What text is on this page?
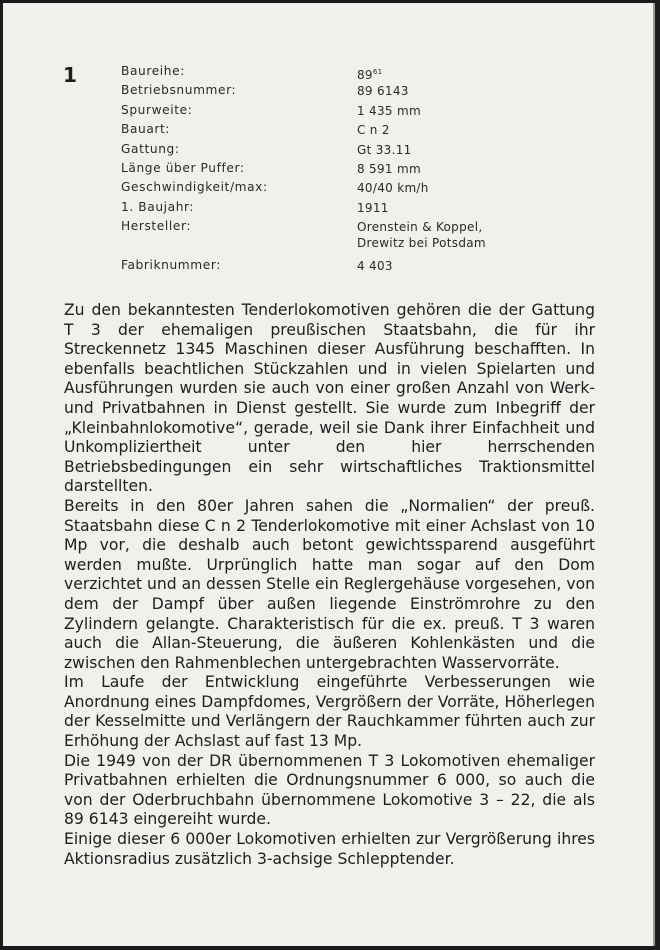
1	Baureihe:	$89^{61}$
Betriebsnummer:	89 6143
Spurweite:	1 435 mm
Bauart:	C n 2
Gattung:	Gt 33.11
Länge über Puffer:	8 591 mm
Geschwindigkeit/max:	40/40 km/h
1. Baujahr:	1911
Hersteller:	Orenstein & Koppel,
Drewitz bei Potsdam
Fabriknummer:	4 403

Zu den bekanntesten Tenderlokomotiven gehören die der Gattung T 3 der ehemaligen preußischen Staatsbahn, die für ihr Streckennetz 1345 Maschinen dieser Ausführung beschafften. In ebenfalls beachtlichen Stückzahlen und in vielen Spielarten und Ausführungen wurden sie auch von einer großen Anzahl von Werk- und Privatbahnen in Dienst gestellt. Sie wurde zum Inbegriff der „Kleinbahnlokomotive“, gerade, weil sie Dank ihrer Einfachheit und Unkompliziertheit unter den hier herrschenden Betriebsbedingungen ein sehr wirtschaftliches Traktionsmittel darstellten.

Bereits in den 80er Jahren sahen die „Normalien“ der preuß. Staatsbahn diese C n 2 Tenderlokomotive mit einer Achslast von 10 Mp vor, die deshalb auch betont gewichtssparend ausgeführt werden mußte. Urprünglich hatte man sogar auf den Dom verzichtet und an dessen Stelle ein Reglergehäuse vorgesehen, von dem der Dampf über außen liegende Einströmrohre zu den Zylindern gelangte. Charakteristisch für die ex. preuß. T 3 waren auch die Allan-Steuerung, die äußeren Kohlenkästen und die zwischen den Rahmenblechen untergebrachten Wasservorräte.

Im Laufe der Entwicklung eingeführte Verbesserungen wie Anordnung eines Dampfdomes, Vergrößern der Vorräte, Höherlegen der Kesselmitte und Verlängern der Rauchkammer führten auch zur Erhöhung der Achslast auf fast 13 Mp.

Die 1949 von der DR übernommenen T 3 Lokomotiven ehemaliger Privatbahnen erhielten die Ordnungsnummer 6 000, so auch die von der Oderbruchbahn übernommene Lokomotive 3 – 22, die als 89 6143 eingereiht wurde.

Einige dieser 6 000er Lokomotiven erhielten zur Vergrößerung ihres Aktionsradius zusätzlich 3-achsige Schlepptender.
